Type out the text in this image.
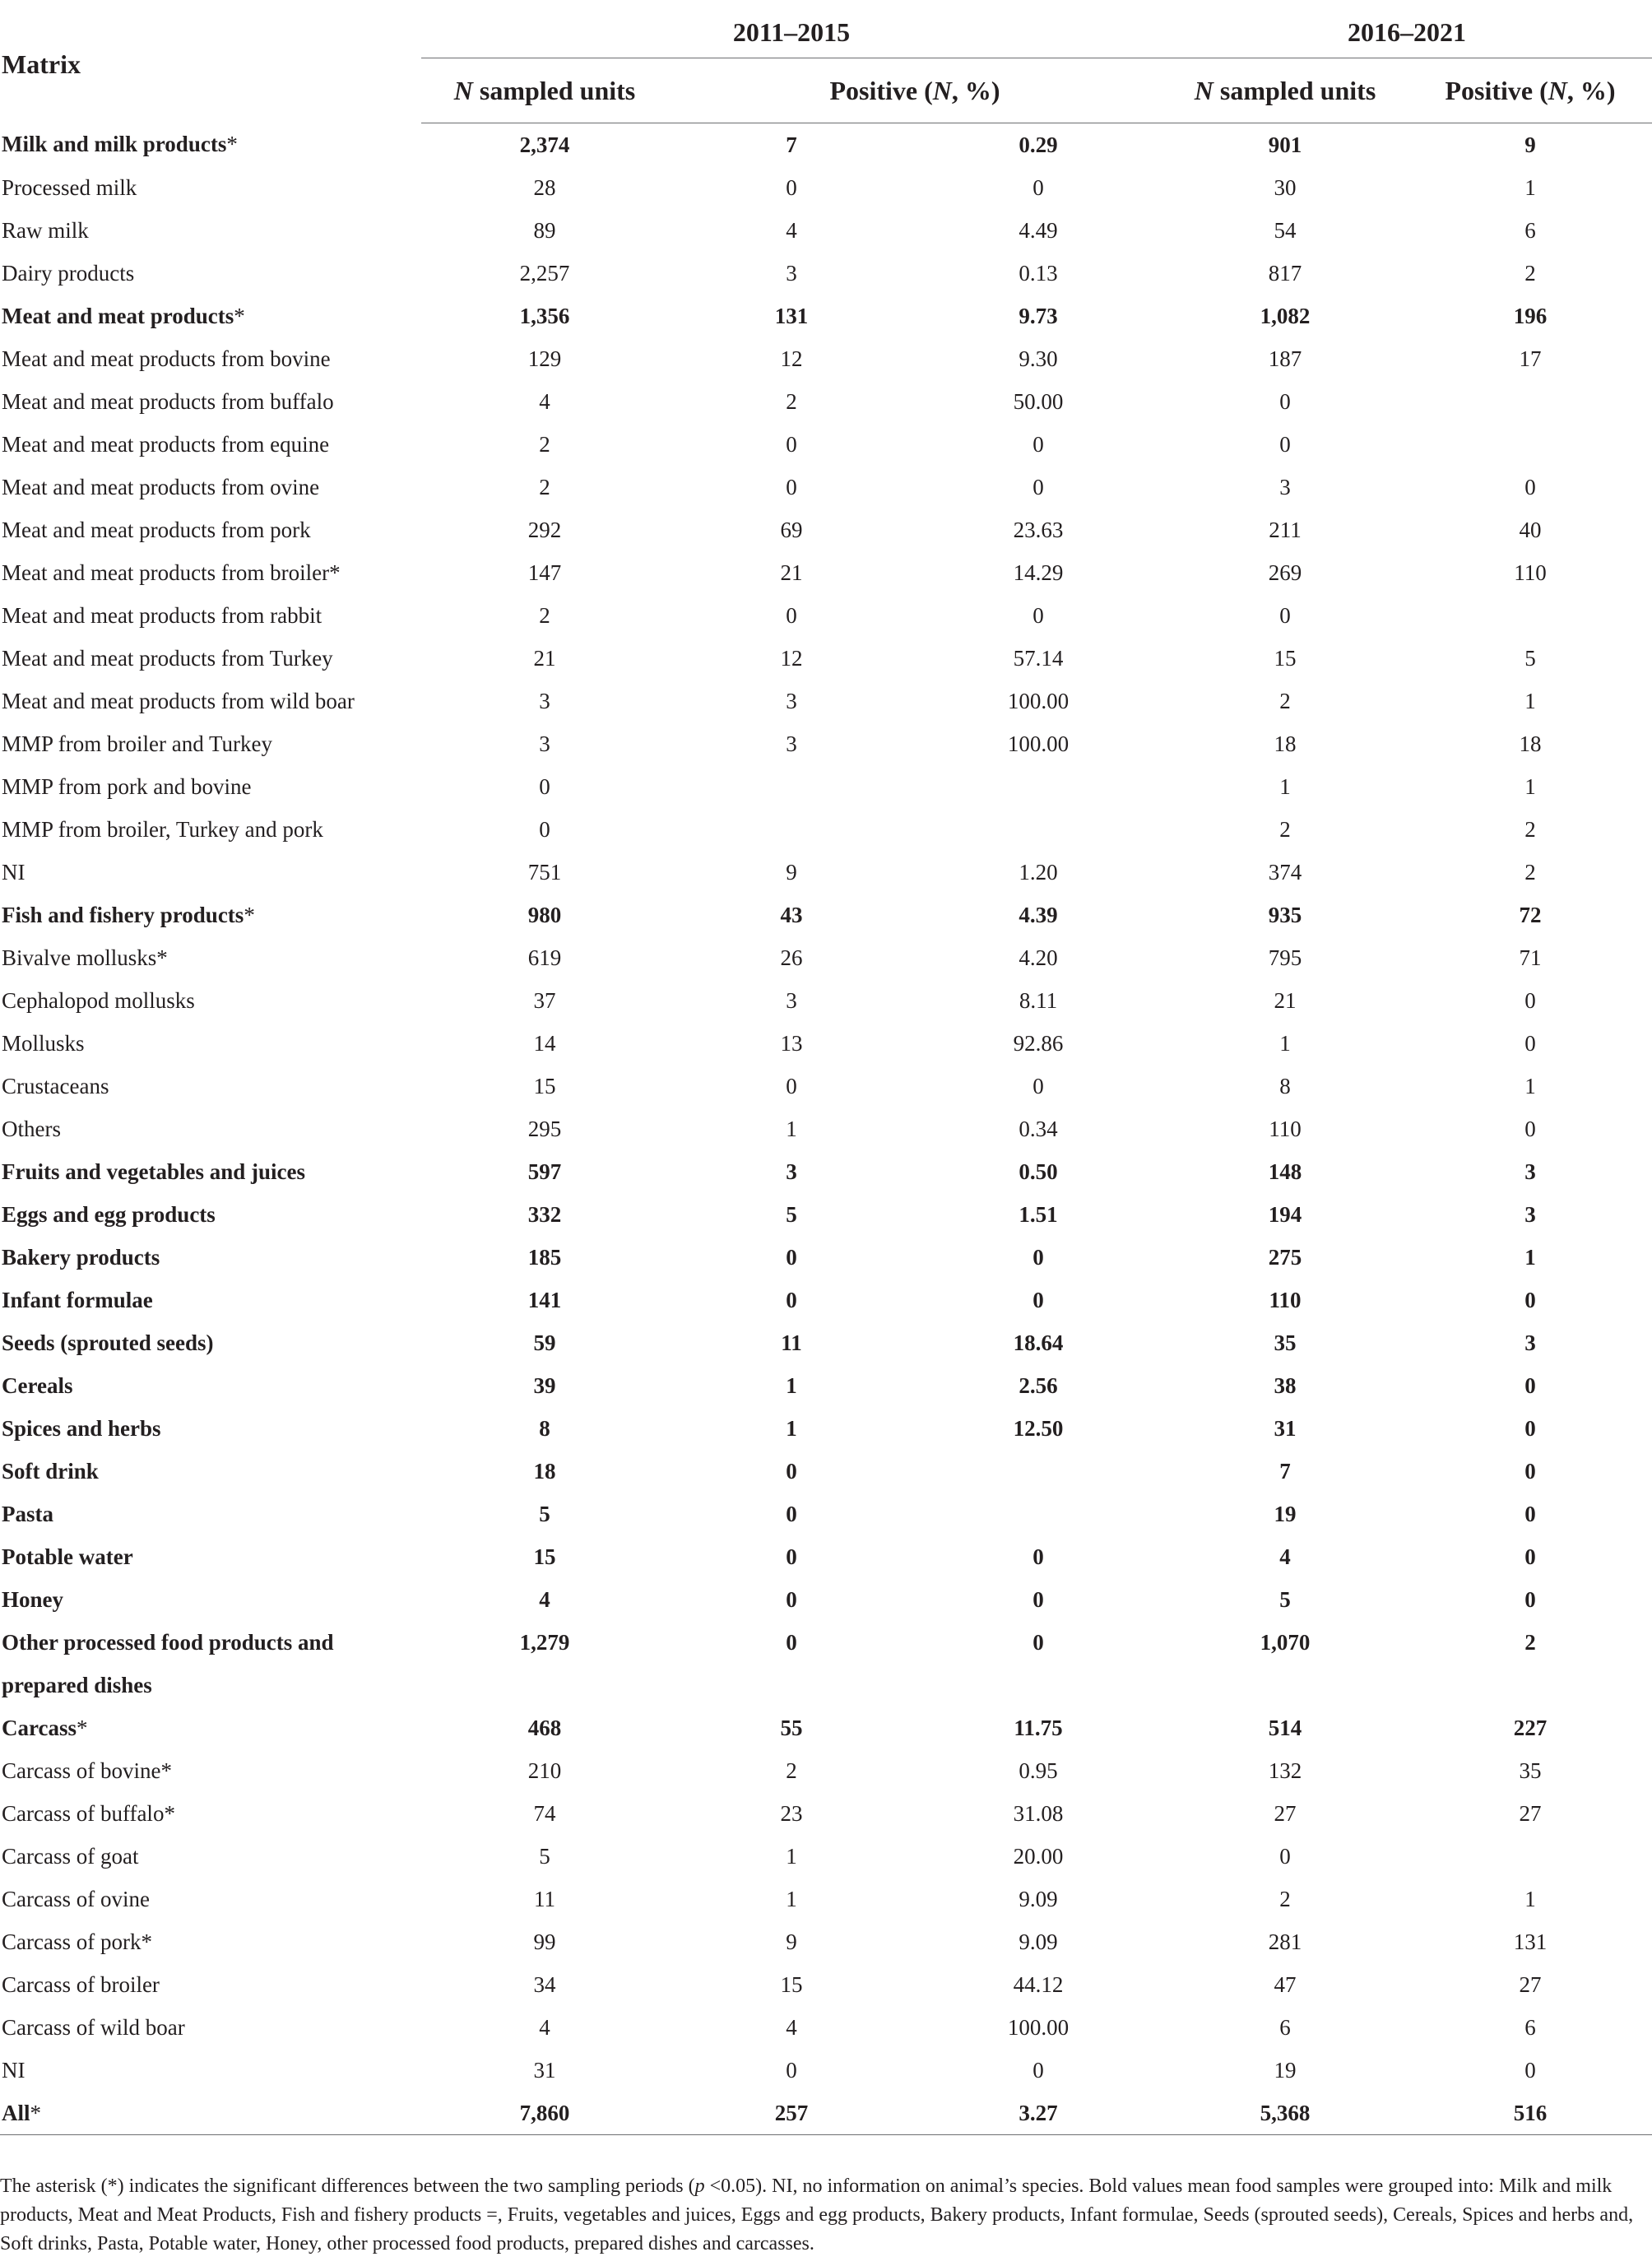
Matrix	2011–2015			2016–2021	
	N sampled units	Positive (N, %)		N sampled units	Positive (N, %)
Milk and milk products*	2,374	7	0.29	901	9
Processed milk	28	0	0	30	1
Raw milk	89	4	4.49	54	6
Dairy products	2,257	3	0.13	817	2
Meat and meat products*	1,356	131	9.73	1,082	196
Meat and meat products from bovine	129	12	9.30	187	17
Meat and meat products from buffalo	4	2	50.00	0	
Meat and meat products from equine	2	0	0	0	
Meat and meat products from ovine	2	0	0	3	0
Meat and meat products from pork	292	69	23.63	211	40
Meat and meat products from broiler*	147	21	14.29	269	110
Meat and meat products from rabbit	2	0	0	0	
Meat and meat products from Turkey	21	12	57.14	15	5
Meat and meat products from wild boar	3	3	100.00	2	1
MMP from broiler and Turkey	3	3	100.00	18	18
MMP from pork and bovine	0			1	1
MMP from broiler, Turkey and pork	0			2	2
NI	751	9	1.20	374	2
Fish and fishery products*	980	43	4.39	935	72
Bivalve mollusks*	619	26	4.20	795	71
Cephalopod mollusks	37	3	8.11	21	0
Mollusks	14	13	92.86	1	0
Crustaceans	15	0	0	8	1
Others	295	1	0.34	110	0
Fruits and vegetables and juices	597	3	0.50	148	3
Eggs and egg products	332	5	1.51	194	3
Bakery products	185	0	0	275	1
Infant formulae	141	0	0	110	0
Seeds (sprouted seeds)	59	11	18.64	35	3
Cereals	39	1	2.56	38	0
Spices and herbs	8	1	12.50	31	0
Soft drink	18	0		7	0
Pasta	5	0		19	0
Potable water	15	0	0	4	0
Honey	4	0	0	5	0
Other processed food products and prepared dishes	1,279	0	0	1,070	2
Carcass*	468	55	11.75	514	227
Carcass of bovine*	210	2	0.95	132	35
Carcass of buffalo*	74	23	31.08	27	27
Carcass of goat	5	1	20.00	0	
Carcass of ovine	11	1	9.09	2	1
Carcass of pork*	99	9	9.09	281	131
Carcass of broiler	34	15	44.12	47	27
Carcass of wild boar	4	4	100.00	6	6
NI	31	0	0	19	0
All*	7,860	257	3.27	5,368	516
The asterisk (*) indicates the significant differences between the two sampling periods (p <0.05). NI, no information on animal’s species. Bold values mean food samples were grouped into: Milk and milk products, Meat and Meat Products, Fish and fishery products =, Fruits, vegetables and juices, Eggs and egg products, Bakery products, Infant formulae, Seeds (sprouted seeds), Cereals, Spices and herbs and, Soft drinks, Pasta, Potable water, Honey, other processed food products, prepared dishes and carcasses.
